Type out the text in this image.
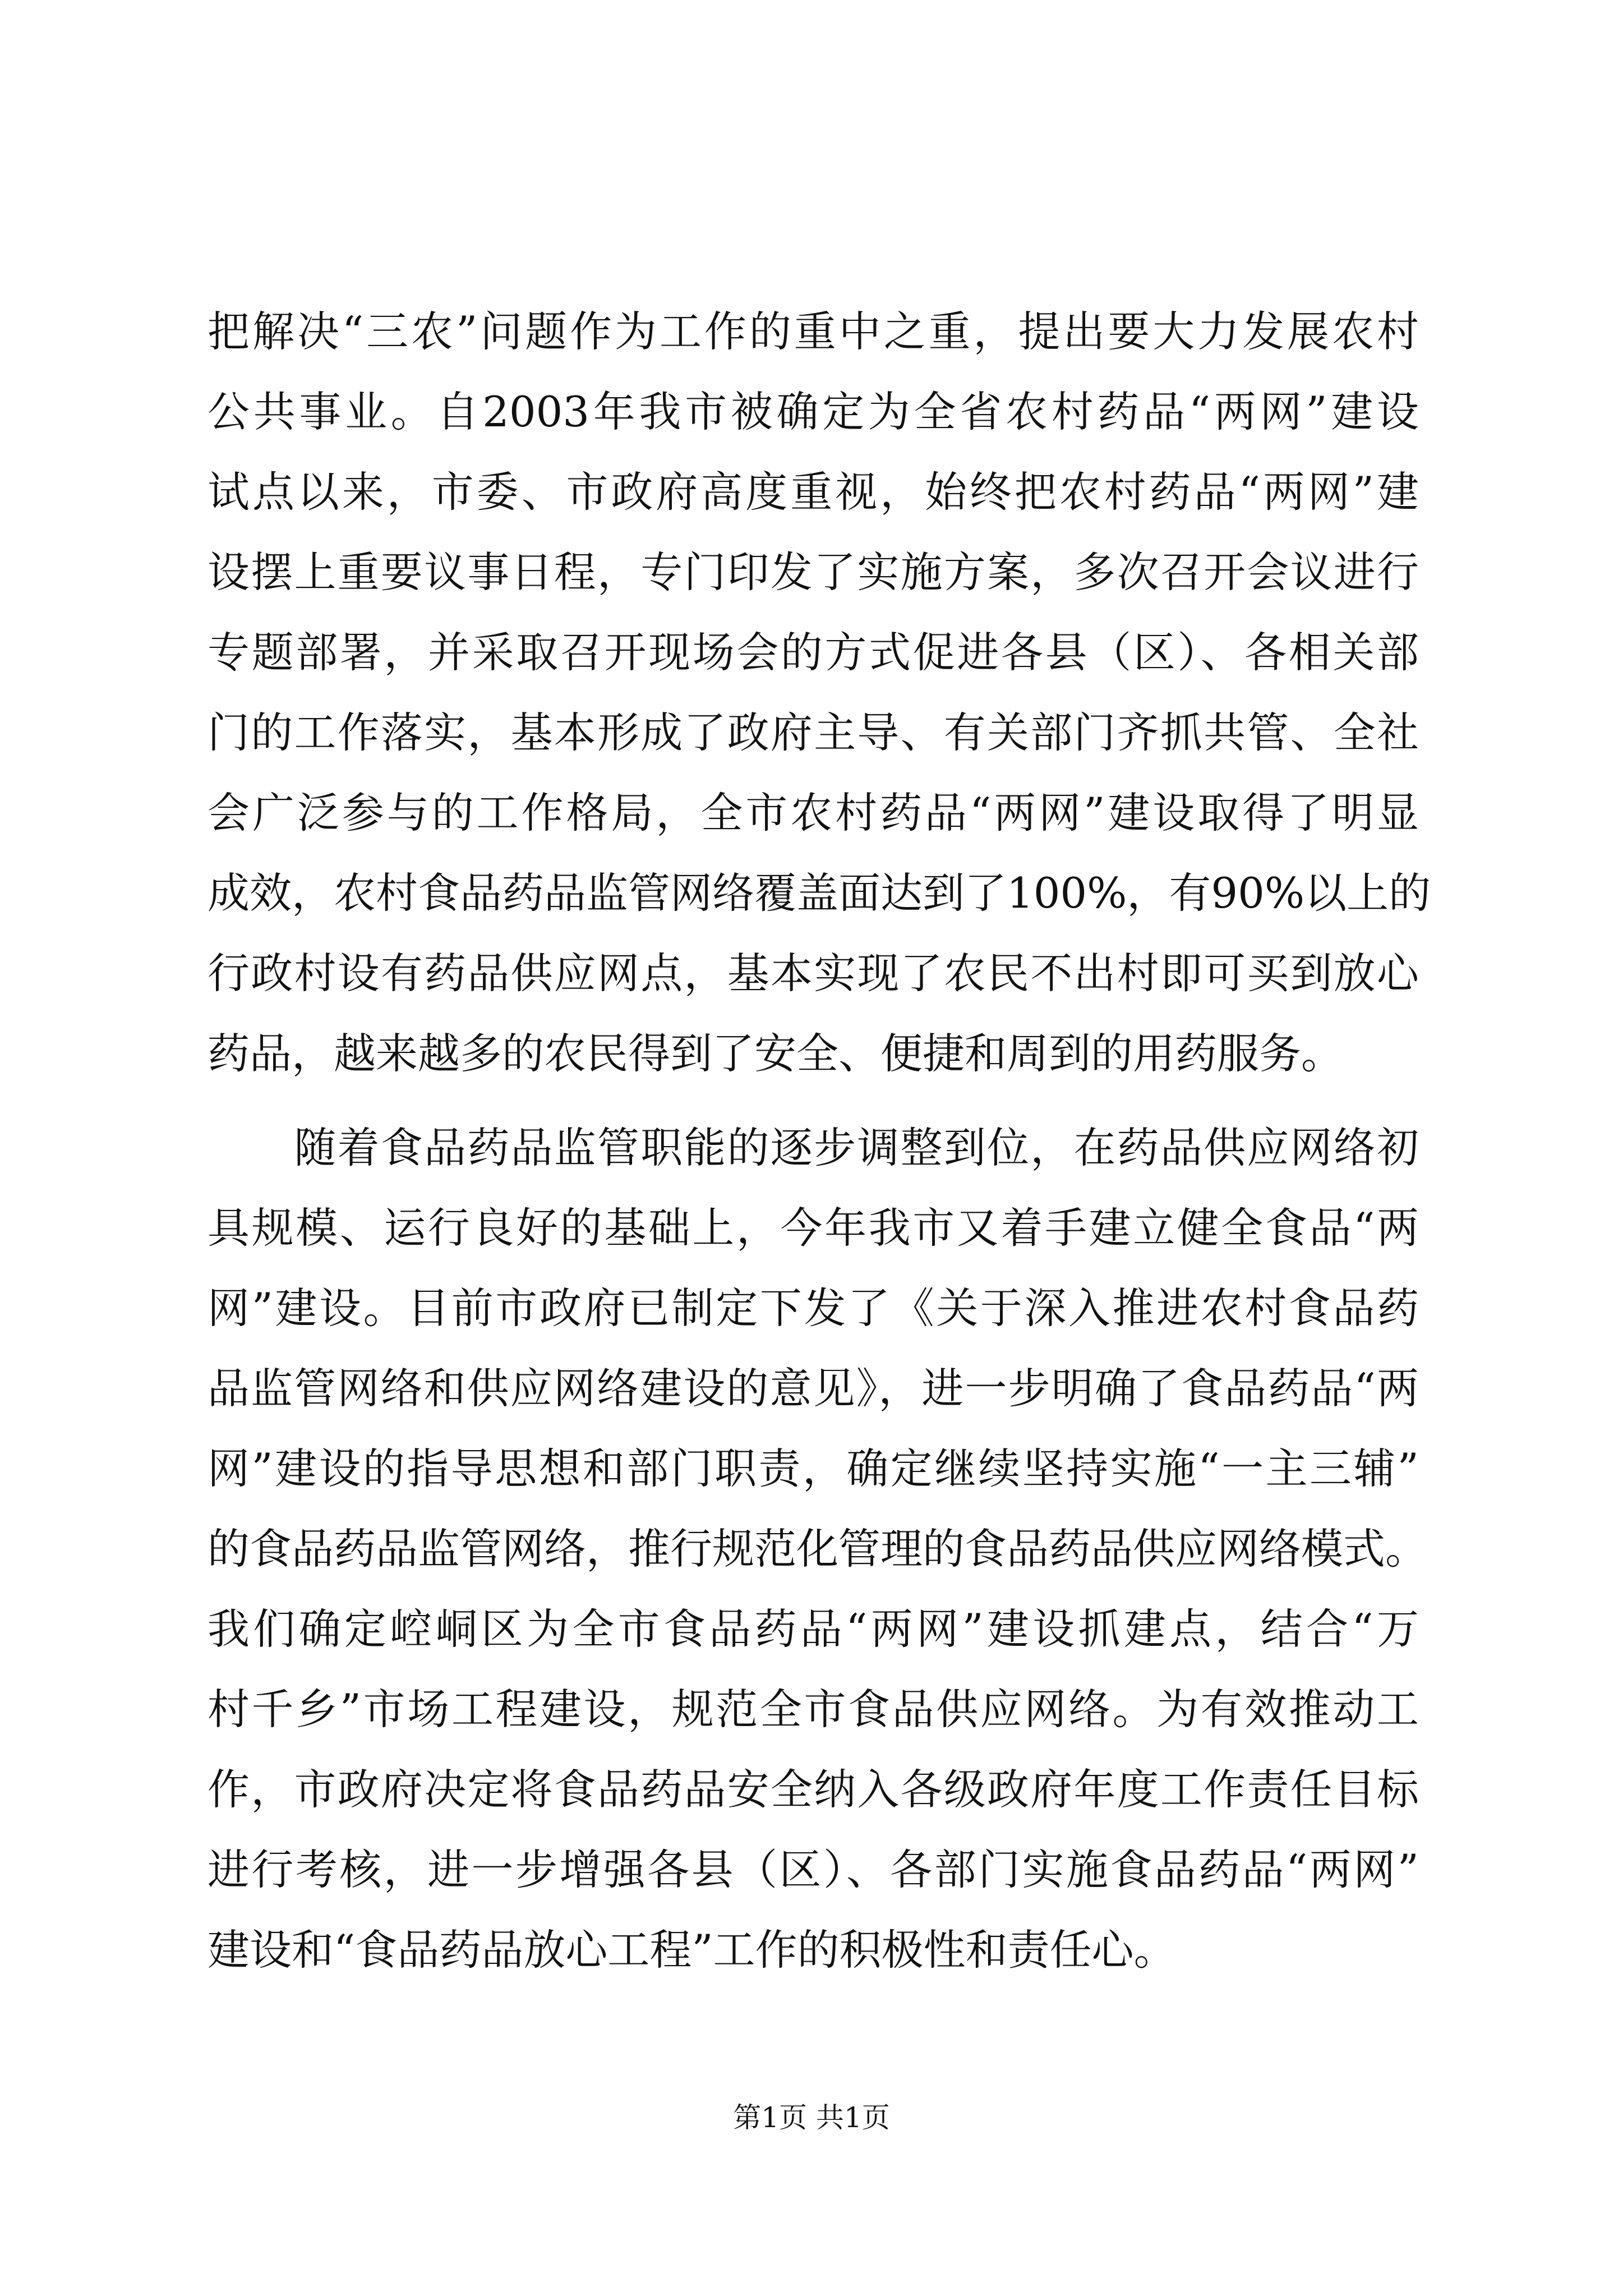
把解决“三农”问题作为工作的重中之重，提出要大力发展农村
公共事业。自2003年我市被确定为全省农村药品“两网”建设
试点以来，市委、市政府高度重视，始终把农村药品“两网”建
设摆上重要议事日程，专门印发了实施方案，多次召开会议进行
专题部署，并采取召开现场会的方式促进各县（区）、各相关部
门的工作落实，基本形成了政府主导、有关部门齐抓共管、全社
会广泛参与的工作格局，全市农村药品“两网”建设取得了明显
成效，农村食品药品监管网络覆盖面达到了100%，有90%以上的
行政村设有药品供应网点，基本实现了农民不出村即可买到放心
药品，越来越多的农民得到了安全、便捷和周到的用药服务。
　　随着食品药品监管职能的逐步调整到位，在药品供应网络初
具规模、运行良好的基础上，今年我市又着手建立健全食品“两
网”建设。目前市政府已制定下发了《关于深入推进农村食品药
品监管网络和供应网络建设的意见》，进一步明确了食品药品“两
网”建设的指导思想和部门职责，确定继续坚持实施“一主三辅”
的食品药品监管网络，推行规范化管理的食品药品供应网络模式。
我们确定崆峒区为全市食品药品“两网”建设抓建点，结合“万
村千乡”市场工程建设，规范全市食品供应网络。为有效推动工
作，市政府决定将食品药品安全纳入各级政府年度工作责任目标
进行考核，进一步增强各县（区）、各部门实施食品药品“两网”
建设和“食品药品放心工程”工作的积极性和责任心。
第1页 共1页
